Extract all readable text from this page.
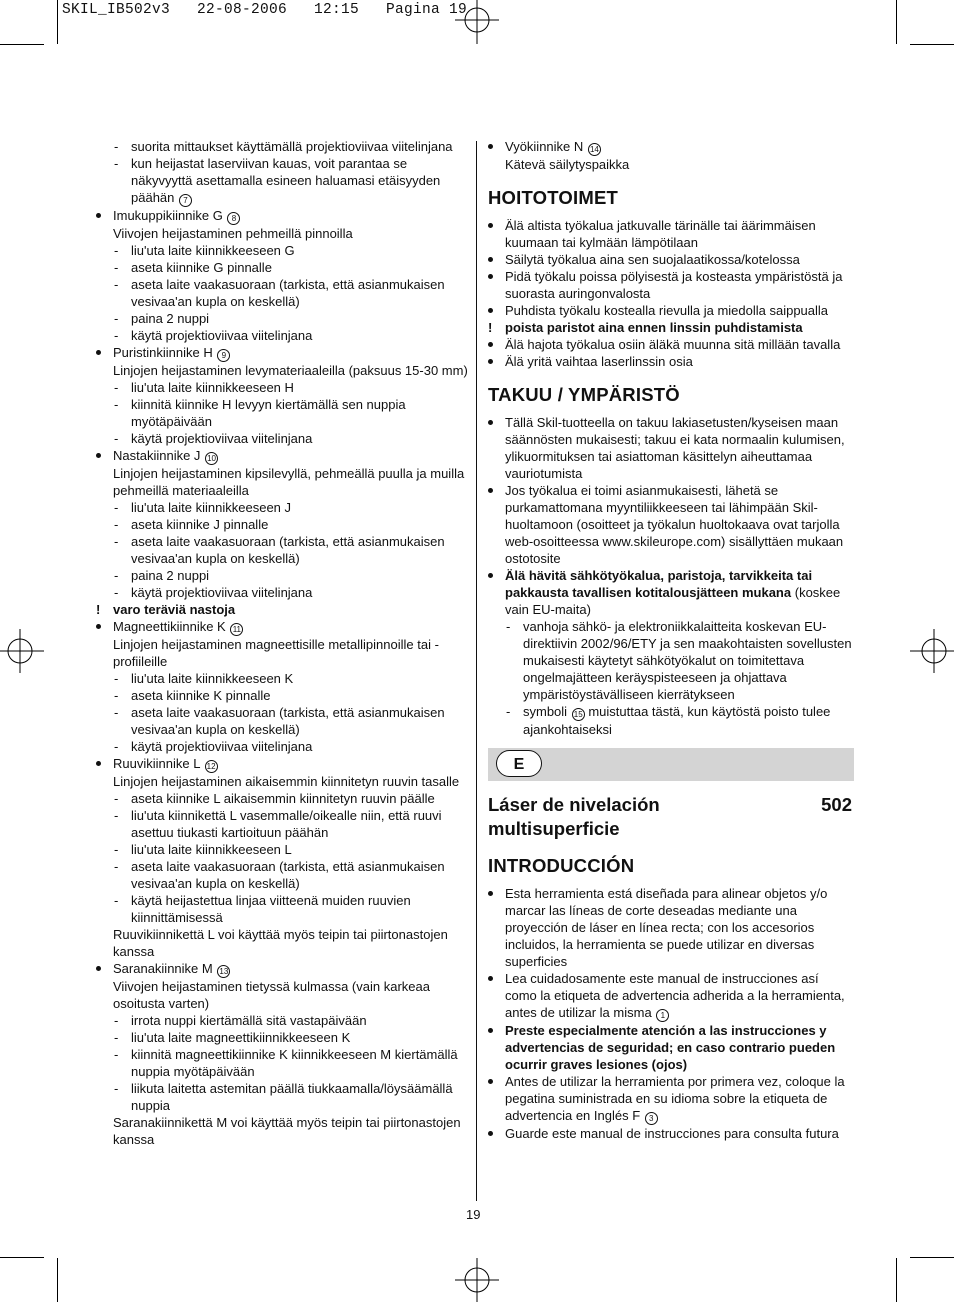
SKIL_IB502v3   22-08-2006   12:15   Pagina 19
- suorita mittaukset käyttämällä projektioviivaa viitelinjana
- kun heijastat laserviivan kauas, voit parantaa se näkyvyyttä asettamalla esineen haluamasi etäisyyden päähän 7
Imukuppikiinnike G 8
Viivojen heijastaminen pehmeillä pinnoilla
- liu'uta laite kiinnikkeeseen G
- aseta kiinnike G pinnalle
- aseta laite vaakasuoraan (tarkista, että asianmukaisen vesivaa'an kupla on keskellä)
- paina 2 nuppi
- käytä projektioviivaa viitelinjana
Puristinkiinnike H 9
Linjojen heijastaminen levymateriaaleilla (paksuus 15-30 mm)
- liu'uta laite kiinnikkeeseen H
- kiinnitä kiinnike H levyyn kiertämällä sen nuppia myötäpäivään
- käytä projektioviivaa viitelinjana
Nastakiinnike J 10
Linjojen heijastaminen kipsilevyllä, pehmeällä puulla ja muilla pehmeillä materiaaleilla
- liu'uta laite kiinnikkeeseen J
- aseta kiinnike J pinnalle
- aseta laite vaakasuoraan (tarkista, että asianmukaisen vesivaa'an kupla on keskellä)
- paina 2 nuppi
- käytä projektioviivaa viitelinjana
! varo teräviä nastoja
Magneettikiinnike K 11
Linjojen heijastaminen magneettisille metallipinnoille tai -profiileille
- liu'uta laite kiinnikkeeseen K
- aseta kiinnike K pinnalle
- aseta laite vaakasuoraan (tarkista, että asianmukaisen vesivaa'an kupla on keskellä)
- käytä projektioviivaa viitelinjana
Ruuvikiinnike L 12
Linjojen heijastaminen aikaisemmin kiinnitetyn ruuvin tasalle
- aseta kiinnike L aikaisemmin kiinnitetyn ruuvin päälle
- liu'uta kiinnikettä L vasemmalle/oikealle niin, että ruuvi asettuu tiukasti kartioituun päähän
- liu'uta laite kiinnikkeeseen L
- aseta laite vaakasuoraan (tarkista, että asianmukaisen vesivaa'an kupla on keskellä)
- käytä heijastettua linjaa viitteenä muiden ruuvien kiinnittämisessä
Ruuvikiinnikettä L voi käyttää myös teipin tai piirtonastojen kanssa
Saranakiinnike M 13
Viivojen heijastaminen tietyssä kulmassa (vain karkeaa osoitusta varten)
- irrota nuppi kiertämällä sitä vastapäivään
- liu'uta laite magneettikiinnikkeeseen K
- kiinnitä magneettikiinnike K kiinnikkeeseen M kiertämällä nuppia myötäpäivään
- liikuta laitetta astemitan päällä tiukkaamalla/löysäämällä nuppia
Saranakiinnikettä M voi käyttää myös teipin tai piirtonastojen kanssa
Vyökiinnike N 14
Kätevä säilytyspaikka
HOITOTOIMET
Älä altista työkalua jatkuvalle tärinälle tai äärimmäisen kuumaan tai kylmään lämpötilaan
Säilytä työkalua aina sen suojalaatikossa/kotelossa
Pidä työkalu poissa pölyisestä ja kosteasta ympäristöstä ja suorasta auringonvalosta
Puhdista työkalu kostealla rievulla ja miedolla saippualla
! poista paristot aina ennen linssin puhdistamista
Älä hajota työkalua osiin äläkä muunna sitä millään tavalla
Älä yritä vaihtaa laserlinssin osia
TAKUU / YMPÄRISTÖ
Tällä Skil-tuotteella on takuu lakiasetusten/kyseisen maan säännösten mukaisesti; takuu ei kata normaalin kulumisen, ylikuormituksen tai asiattoman käsittelyn aiheuttamaa vauriotumista
Jos työkalua ei toimi asianmukaisesti, lähetä se purkamattomana myyntiliikkeeseen tai lähimpään Skil-huoltamoon (osoitteet ja työkalun huoltokaava ovat tarjolla web-osoitteessa www.skileurope.com) sisällyttäen mukaan ostotosite
Älä hävitä sähkötyökalua, paristoja, tarvikkeita tai pakkausta tavallisen kotitalousjätteen mukana (koskee vain EU-maita)
- vanhoja sähkö- ja elektroniikkalaitteita koskevan EU-direktiivin 2002/96/ETY ja sen maakohtaisten sovellusten mukaisesti käytetyt sähkötyökalut on toimitettava ongelmajätteen keräyspisteeseen ja ohjattava ympäristöystävälliseen kierrätykseen
- symboli 15 muistuttaa tästä, kun käytöstä poisto tulee ajankohtaiseksi
E
Láser de nivelación multisuperficie
502
INTRODUCCIÓN
Esta herramienta está diseñada para alinear objetos y/o marcar las líneas de corte deseadas mediante una proyección de láser en línea recta; con los accesorios incluidos, la herramienta se puede utilizar en diversas superficies
Lea cuidadosamente este manual de instrucciones así como la etiqueta de advertencia adherida a la herramienta, antes de utilizar la misma 1
Preste especialmente atención a las instrucciones y advertencias de seguridad; en caso contrario pueden ocurrir graves lesiones (ojos)
Antes de utilizar la herramienta por primera vez, coloque la pegatina suministrada en su idioma sobre la etiqueta de advertencia en Inglés F 3
Guarde este manual de instrucciones para consulta futura
19
